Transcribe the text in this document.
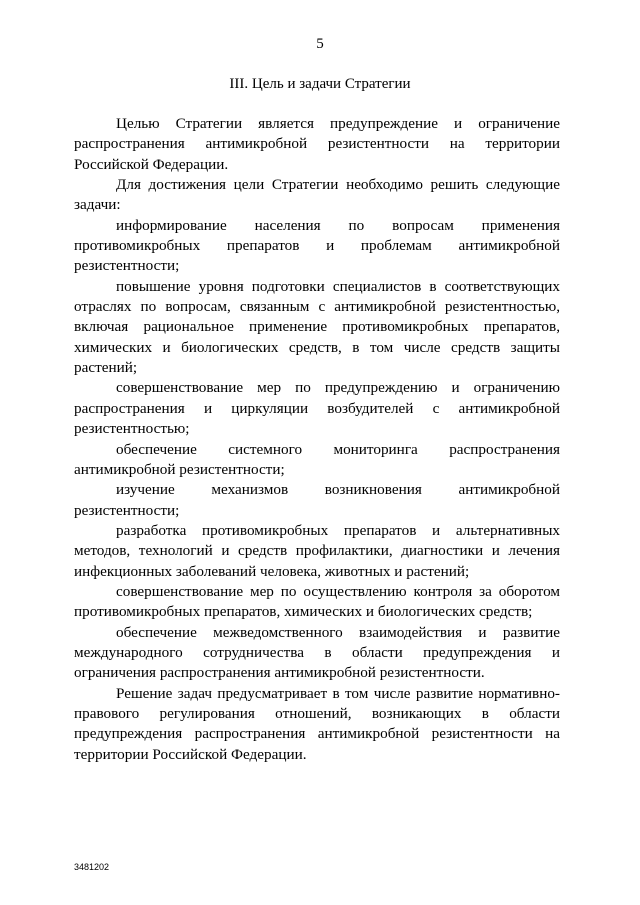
5
III. Цель и задачи Стратегии

Целью Стратегии является предупреждение и ограничение распространения антимикробной резистентности на территории Российской Федерации.

Для достижения цели Стратегии необходимо решить следующие задачи:

информирование населения по вопросам применения противомикробных препаратов и проблемам антимикробной резистентности;

повышение уровня подготовки специалистов в соответствующих отраслях по вопросам, связанным с антимикробной резистентностью, включая рациональное применение противомикробных препаратов, химических и биологических средств, в том числе средств защиты растений;

совершенствование мер по предупреждению и ограничению распространения и циркуляции возбудителей с антимикробной резистентностью;

обеспечение системного мониторинга распространения антимикробной резистентности;

изучение механизмов возникновения антимикробной резистентности;

разработка противомикробных препаратов и альтернативных методов, технологий и средств профилактики, диагностики и лечения инфекционных заболеваний человека, животных и растений;

совершенствование мер по осуществлению контроля за оборотом противомикробных препаратов, химических и биологических средств;

обеспечение межведомственного взаимодействия и развитие международного сотрудничества в области предупреждения и ограничения распространения антимикробной резистентности.

Решение задач предусматривает в том числе развитие нормативно-правового регулирования отношений, возникающих в области предупреждения распространения антимикробной резистентности на территории Российской Федерации.

3481202
